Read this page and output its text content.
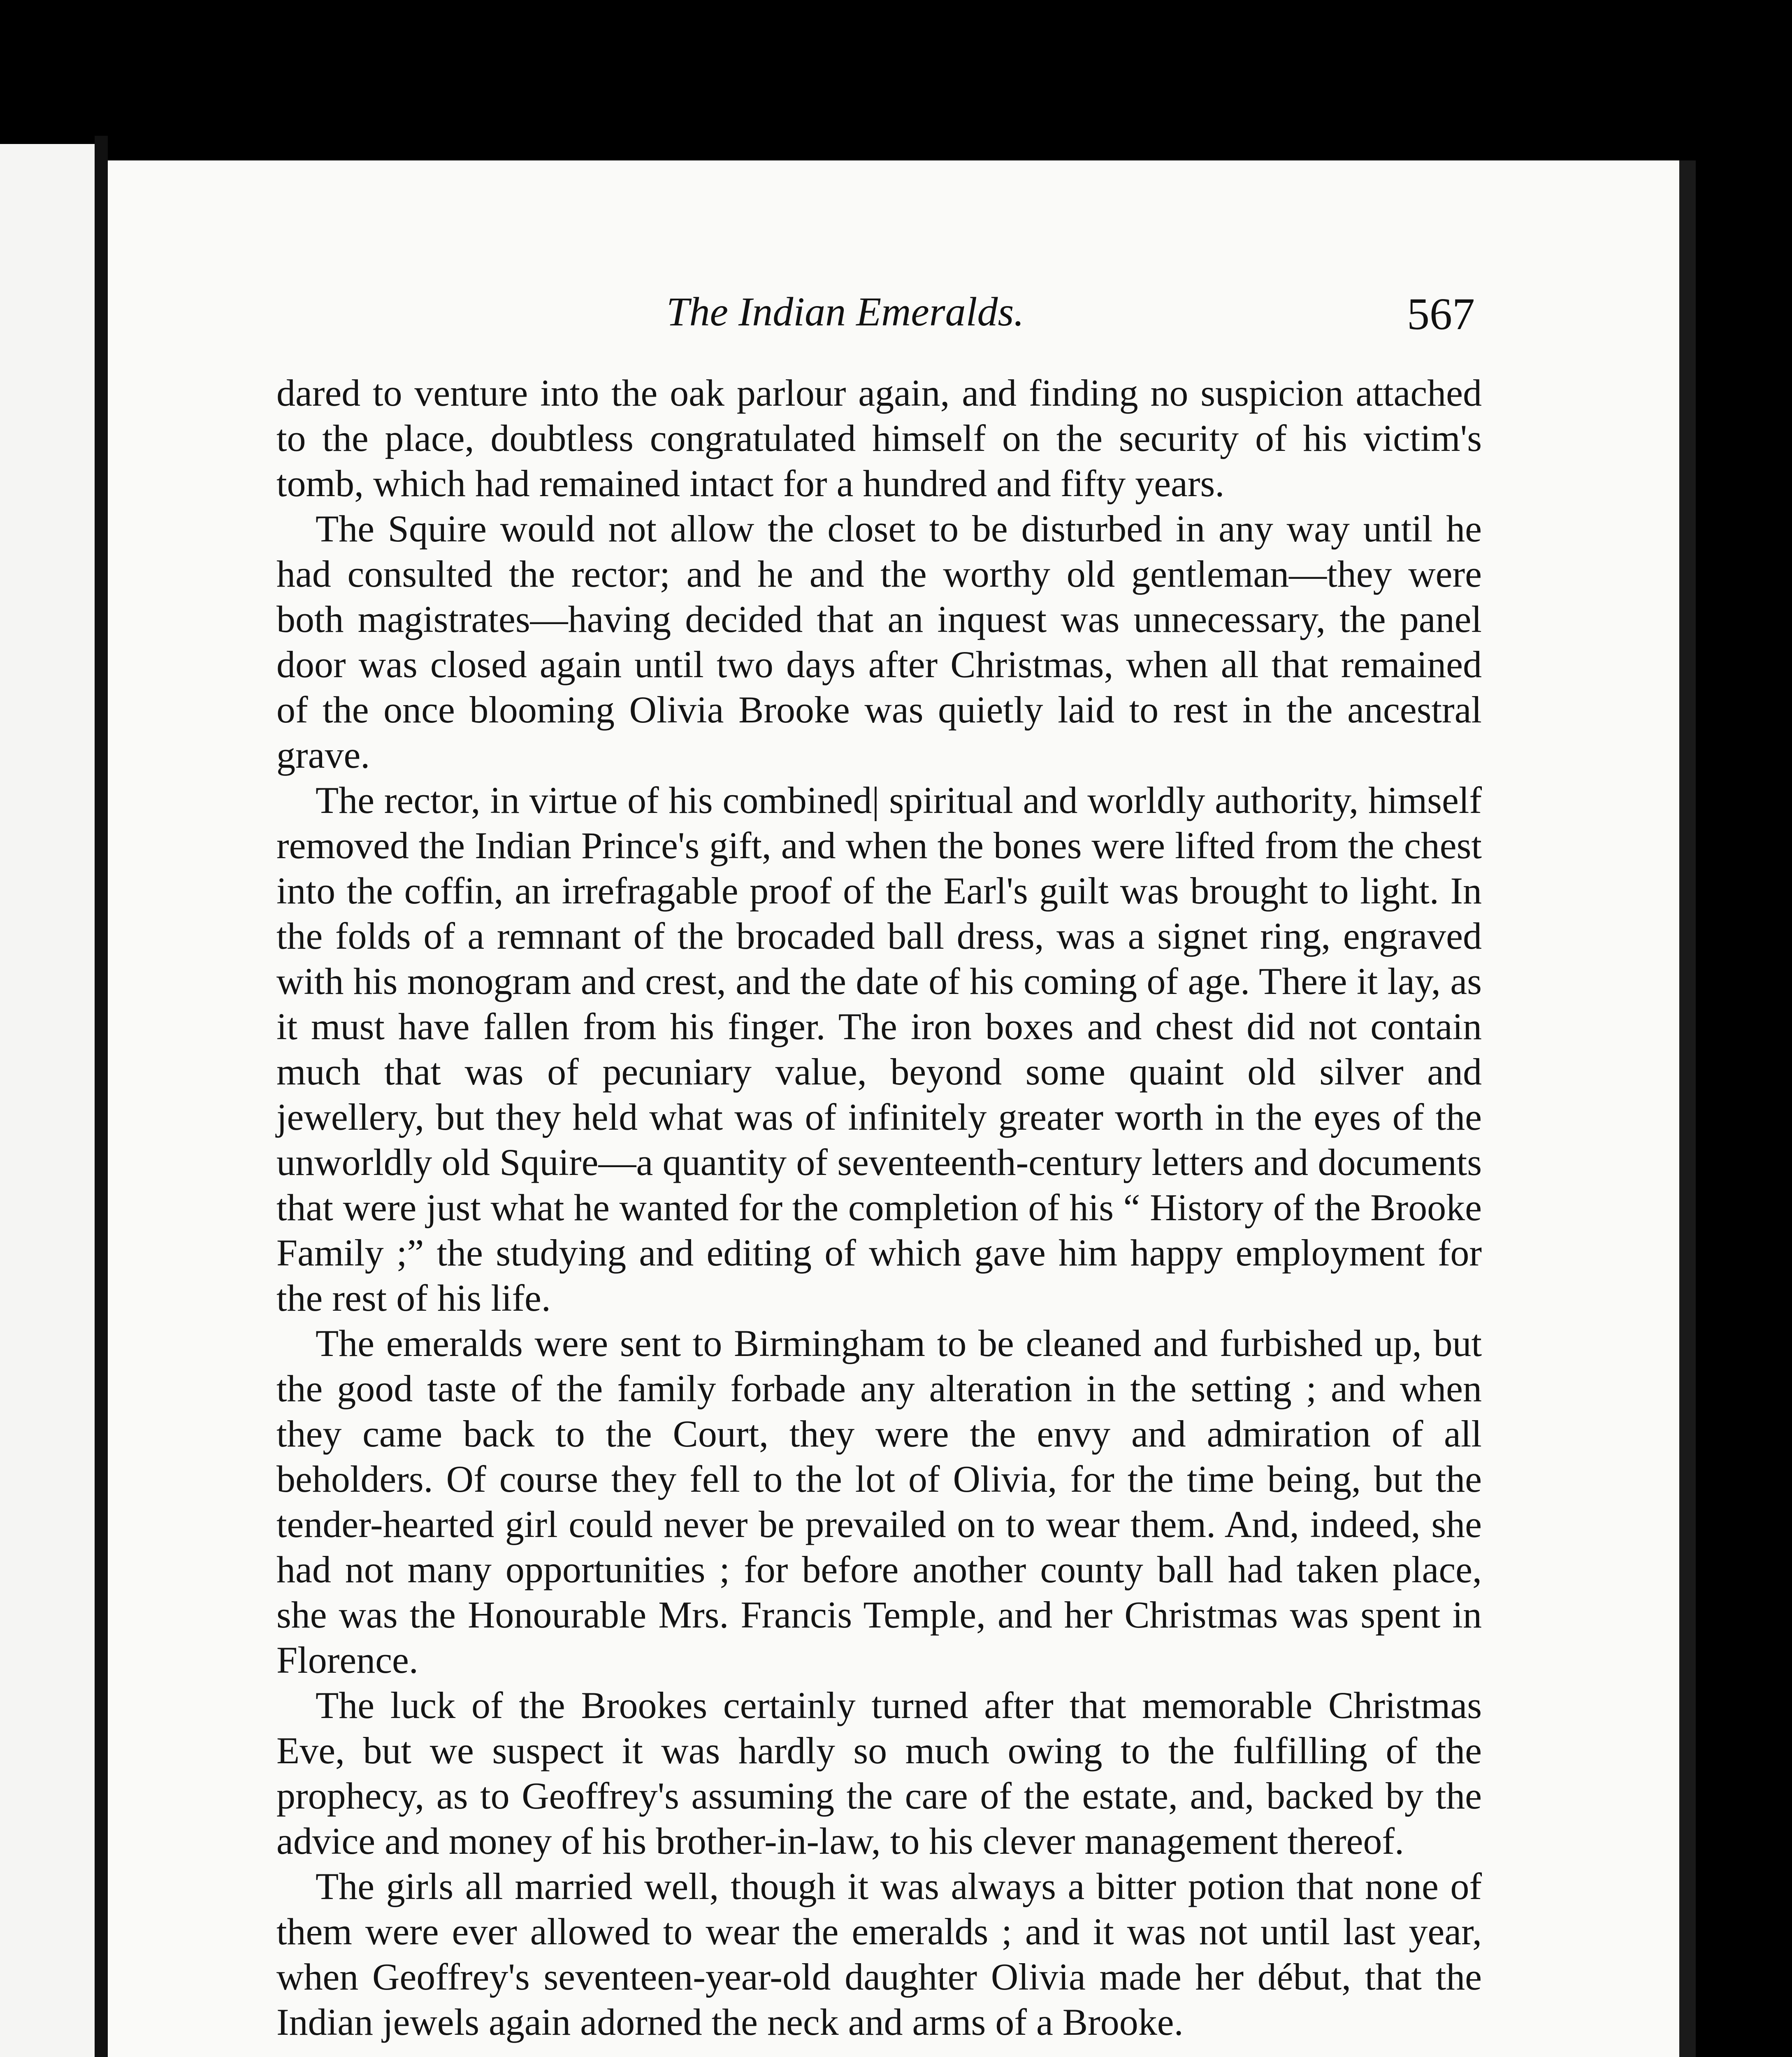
The Indian Emeralds.	567

dared to venture into the oak parlour again, and finding no suspicion attached to the place, doubtless congratulated himself on the security of his victim's tomb, which had remained intact for a hundred and fifty years.

The Squire would not allow the closet to be disturbed in any way until he had consulted the rector; and he and the worthy old gentleman—they were both magistrates—having decided that an inquest was unnecessary, the panel door was closed again until two days after Christmas, when all that remained of the once blooming Olivia Brooke was quietly laid to rest in the ancestral grave.

The rector, in virtue of his combined| spiritual and worldly authority, himself removed the Indian Prince's gift, and when the bones were lifted from the chest into the coffin, an irrefragable proof of the Earl's guilt was brought to light. In the folds of a remnant of the brocaded ball dress, was a signet ring, engraved with his monogram and crest, and the date of his coming of age. There it lay, as it must have fallen from his finger. The iron boxes and chest did not contain much that was of pecuniary value, beyond some quaint old silver and jewellery, but they held what was of infinitely greater worth in the eyes of the unworldly old Squire—a quantity of seventeenth-century letters and documents that were just what he wanted for the completion of his “ History of the Brooke Family ;” the studying and editing of which gave him happy employment for the rest of his life.

The emeralds were sent to Birmingham to be cleaned and furbished up, but the good taste of the family forbade any alteration in the setting ; and when they came back to the Court, they were the envy and admiration of all beholders. Of course they fell to the lot of Olivia, for the time being, but the tender-hearted girl could never be prevailed on to wear them. And, indeed, she had not many opportunities ; for before another county ball had taken place, she was the Honourable Mrs. Francis Temple, and her Christmas was spent in Florence.

The luck of the Brookes certainly turned after that memorable Christmas Eve, but we suspect it was hardly so much owing to the fulfilling of the prophecy, as to Geoffrey's assuming the care of the estate, and, backed by the advice and money of his brother-in-law, to his clever management thereof.

The girls all married well, though it was always a bitter potion that none of them were ever allowed to wear the emeralds ; and it was not until last year, when Geoffrey's seventeen-year-old daughter Olivia made her début, that the Indian jewels again adorned the neck and arms of a Brooke.
